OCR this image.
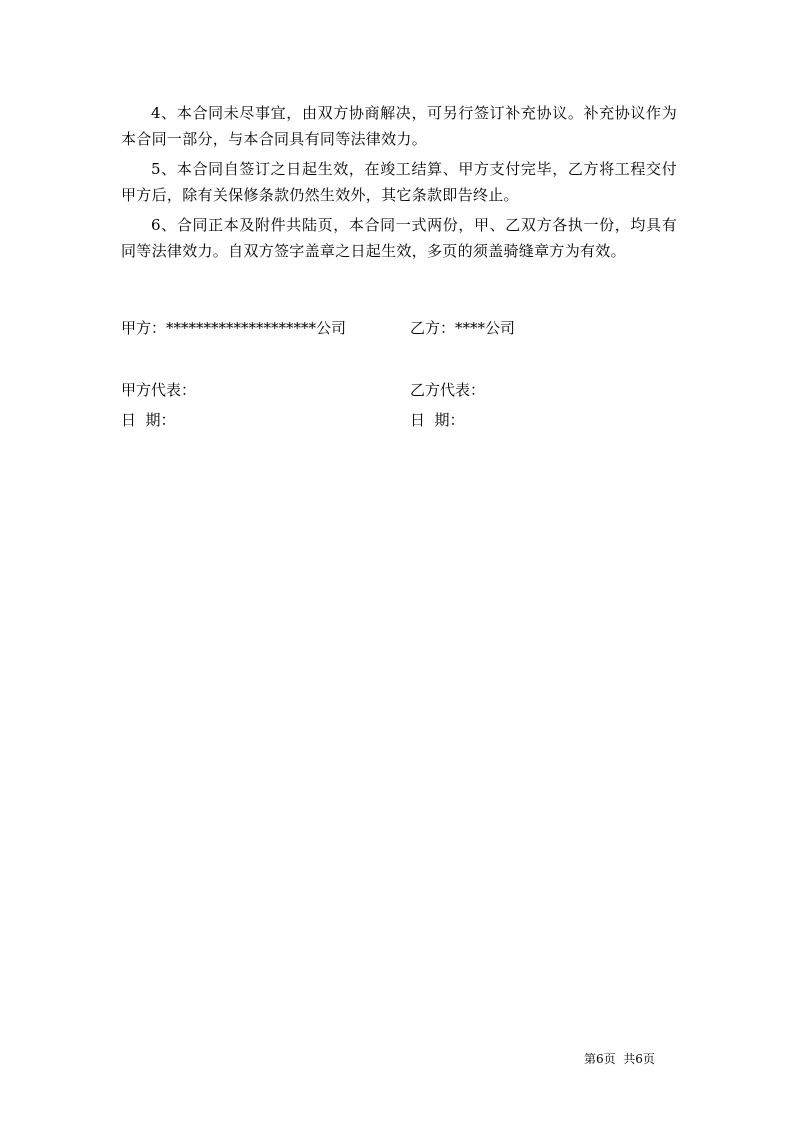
4、本合同未尽事宜，由双方协商解决，可另行签订补充协议。补充协议作为本合同一部分，与本合同具有同等法律效力。

5、本合同自签订之日起生效，在竣工结算、甲方支付完毕，乙方将工程交付甲方后，除有关保修条款仍然生效外，其它条款即告终止。

6、合同正本及附件共陆页，本合同一式两份，甲、乙双方各执一份，均具有同等法律效力。自双方签字盖章之日起生效，多页的须盖骑缝章方为有效。

甲方：********************公司	乙方：****公司
甲方代表：	乙方代表：
日  期：	日  期：
第6页  共6页
